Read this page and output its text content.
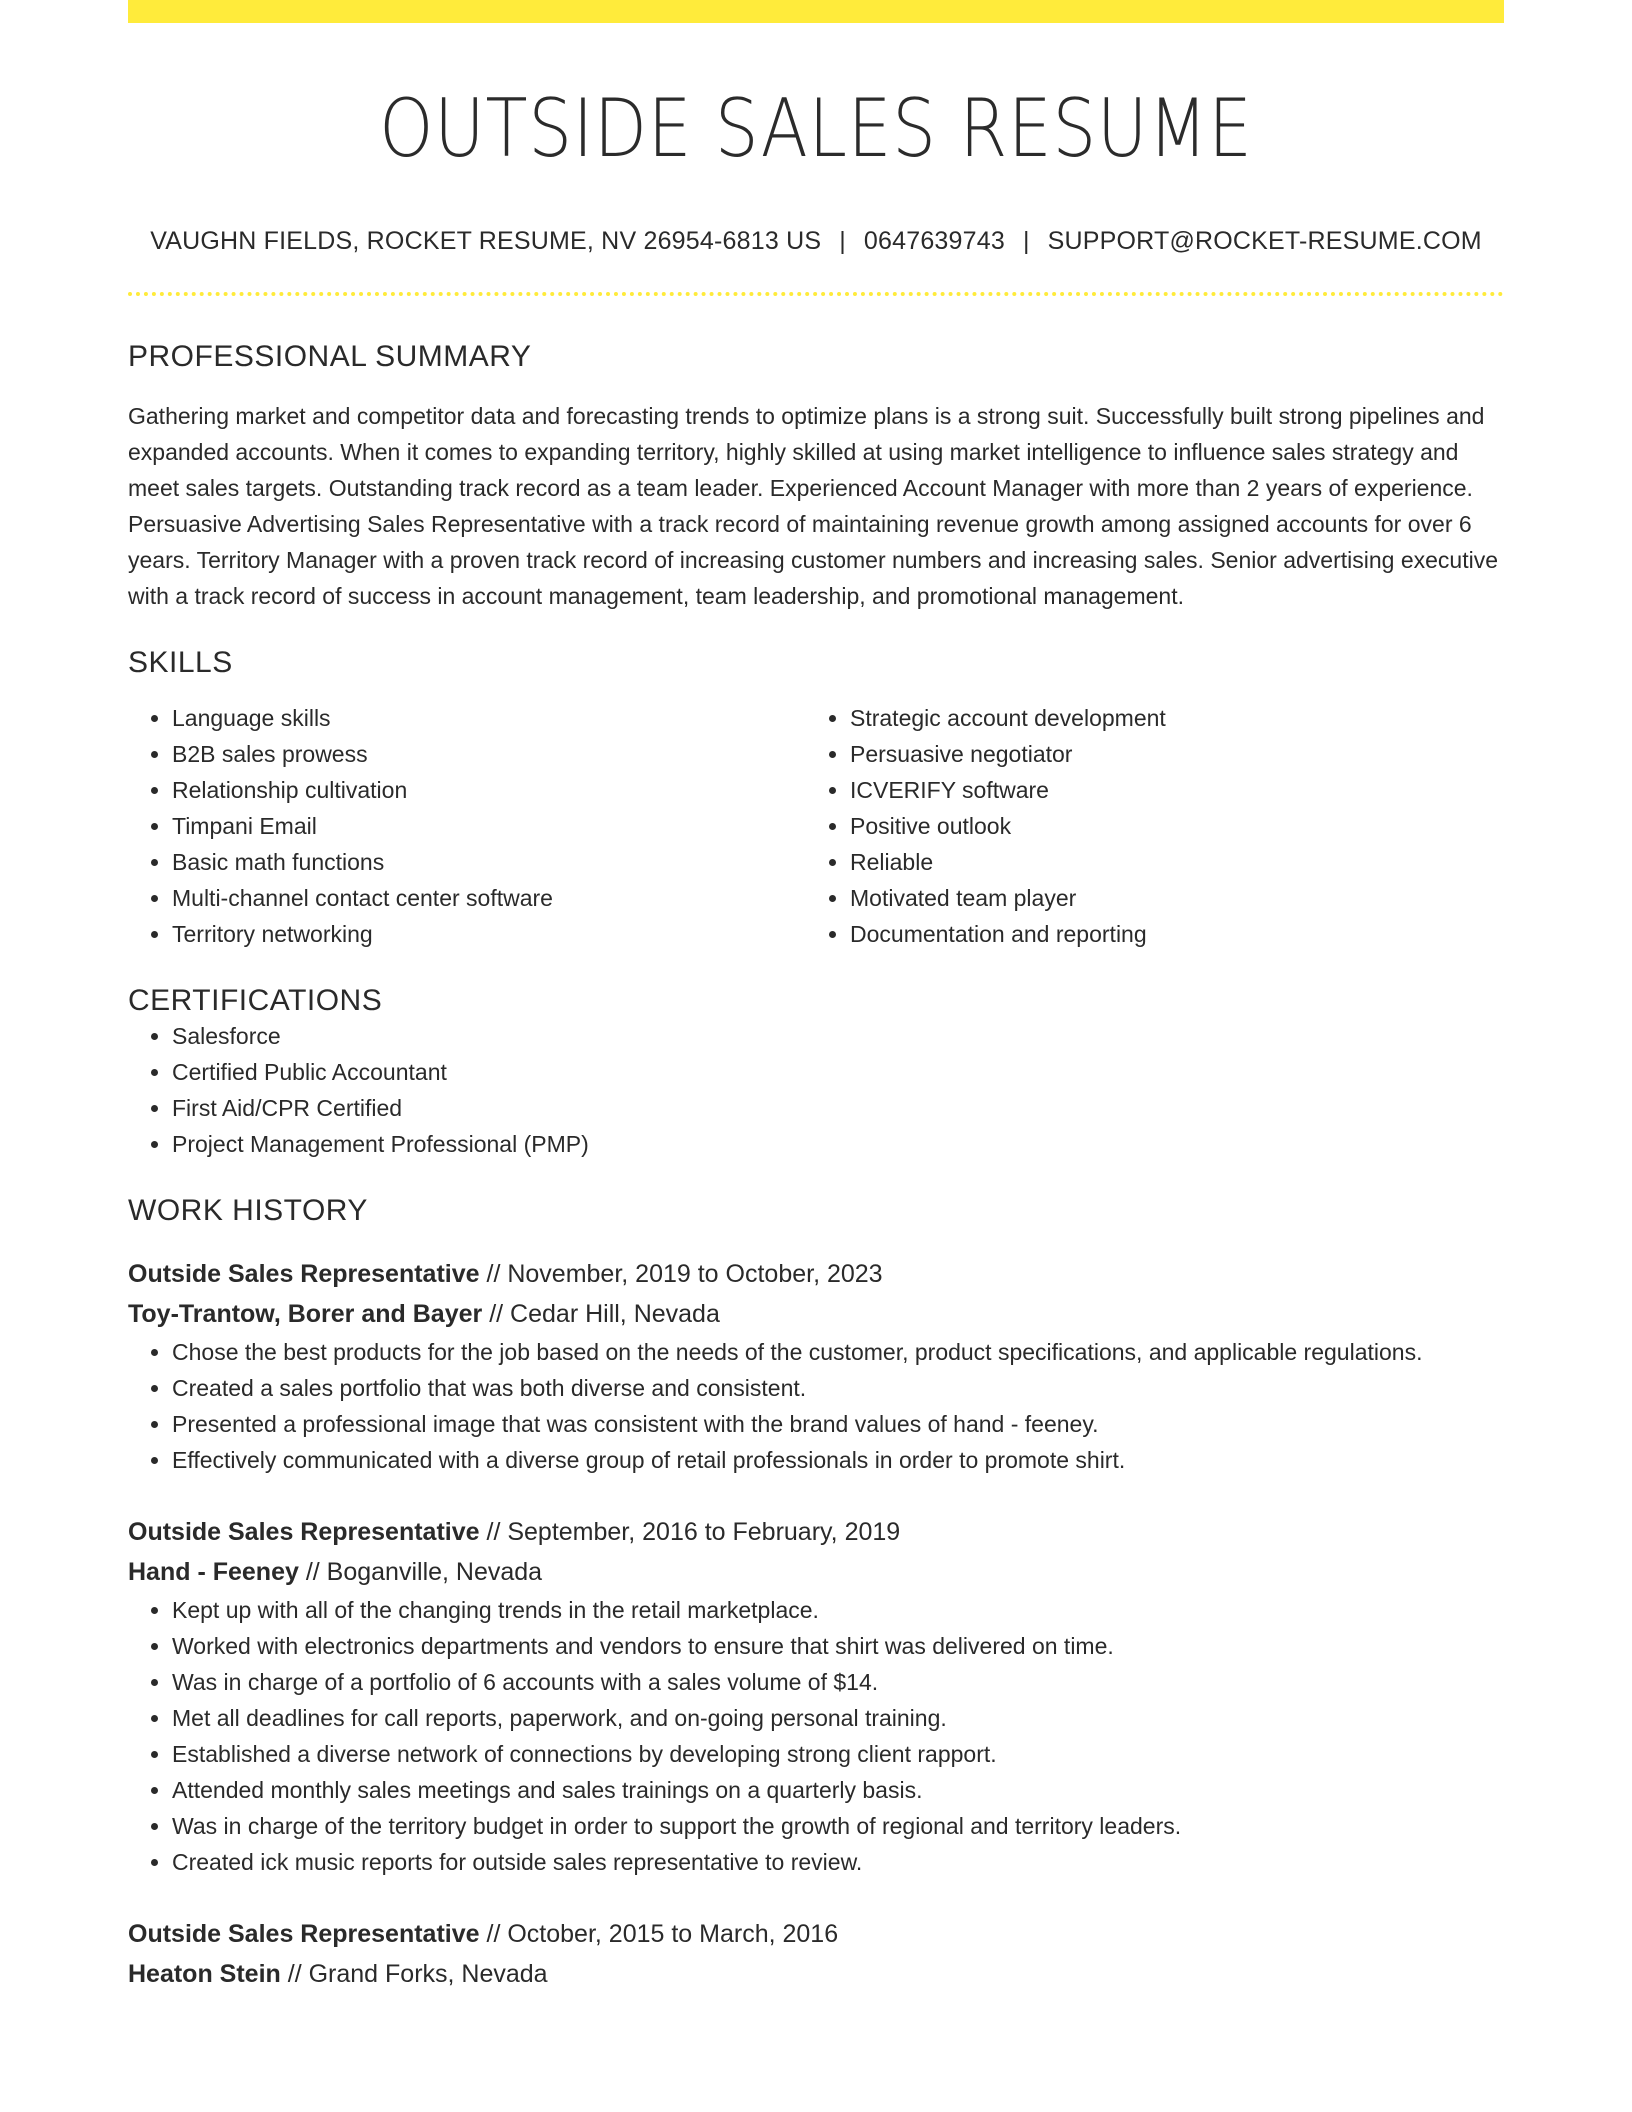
OUTSIDE SALES RESUME
VAUGHN FIELDS, ROCKET RESUME, NV 26954-6813 US | 0647639743 | SUPPORT@ROCKET-RESUME.COM
PROFESSIONAL SUMMARY

Gathering market and competitor data and forecasting trends to optimize plans is a strong suit. Successfully built strong pipelines and expanded accounts. When it comes to expanding territory, highly skilled at using market intelligence to influence sales strategy and meet sales targets. Outstanding track record as a team leader. Experienced Account Manager with more than 2 years of experience. Persuasive Advertising Sales Representative with a track record of maintaining revenue growth among assigned accounts for over 6 years. Territory Manager with a proven track record of increasing customer numbers and increasing sales. Senior advertising executive with a track record of success in account management, team leadership, and promotional management.

SKILLS
• Language skills
• B2B sales prowess
• Relationship cultivation
• Timpani Email
• Basic math functions
• Multi-channel contact center software
• Territory networking
• Strategic account development
• Persuasive negotiator
• ICVERIFY software
• Positive outlook
• Reliable
• Motivated team player
• Documentation and reporting
CERTIFICATIONS
• Salesforce
• Certified Public Accountant
• First Aid/CPR Certified
• Project Management Professional (PMP)
WORK HISTORY
Outside Sales Representative // November, 2019 to October, 2023
Toy-Trantow, Borer and Bayer // Cedar Hill, Nevada
• Chose the best products for the job based on the needs of the customer, product specifications, and applicable regulations.
• Created a sales portfolio that was both diverse and consistent.
• Presented a professional image that was consistent with the brand values of hand - feeney.
• Effectively communicated with a diverse group of retail professionals in order to promote shirt.
Outside Sales Representative // September, 2016 to February, 2019
Hand - Feeney // Boganville, Nevada
• Kept up with all of the changing trends in the retail marketplace.
• Worked with electronics departments and vendors to ensure that shirt was delivered on time.
• Was in charge of a portfolio of 6 accounts with a sales volume of $14.
• Met all deadlines for call reports, paperwork, and on-going personal training.
• Established a diverse network of connections by developing strong client rapport.
• Attended monthly sales meetings and sales trainings on a quarterly basis.
• Was in charge of the territory budget in order to support the growth of regional and territory leaders.
• Created ick music reports for outside sales representative to review.
Outside Sales Representative // October, 2015 to March, 2016
Heaton Stein // Grand Forks, Nevada
